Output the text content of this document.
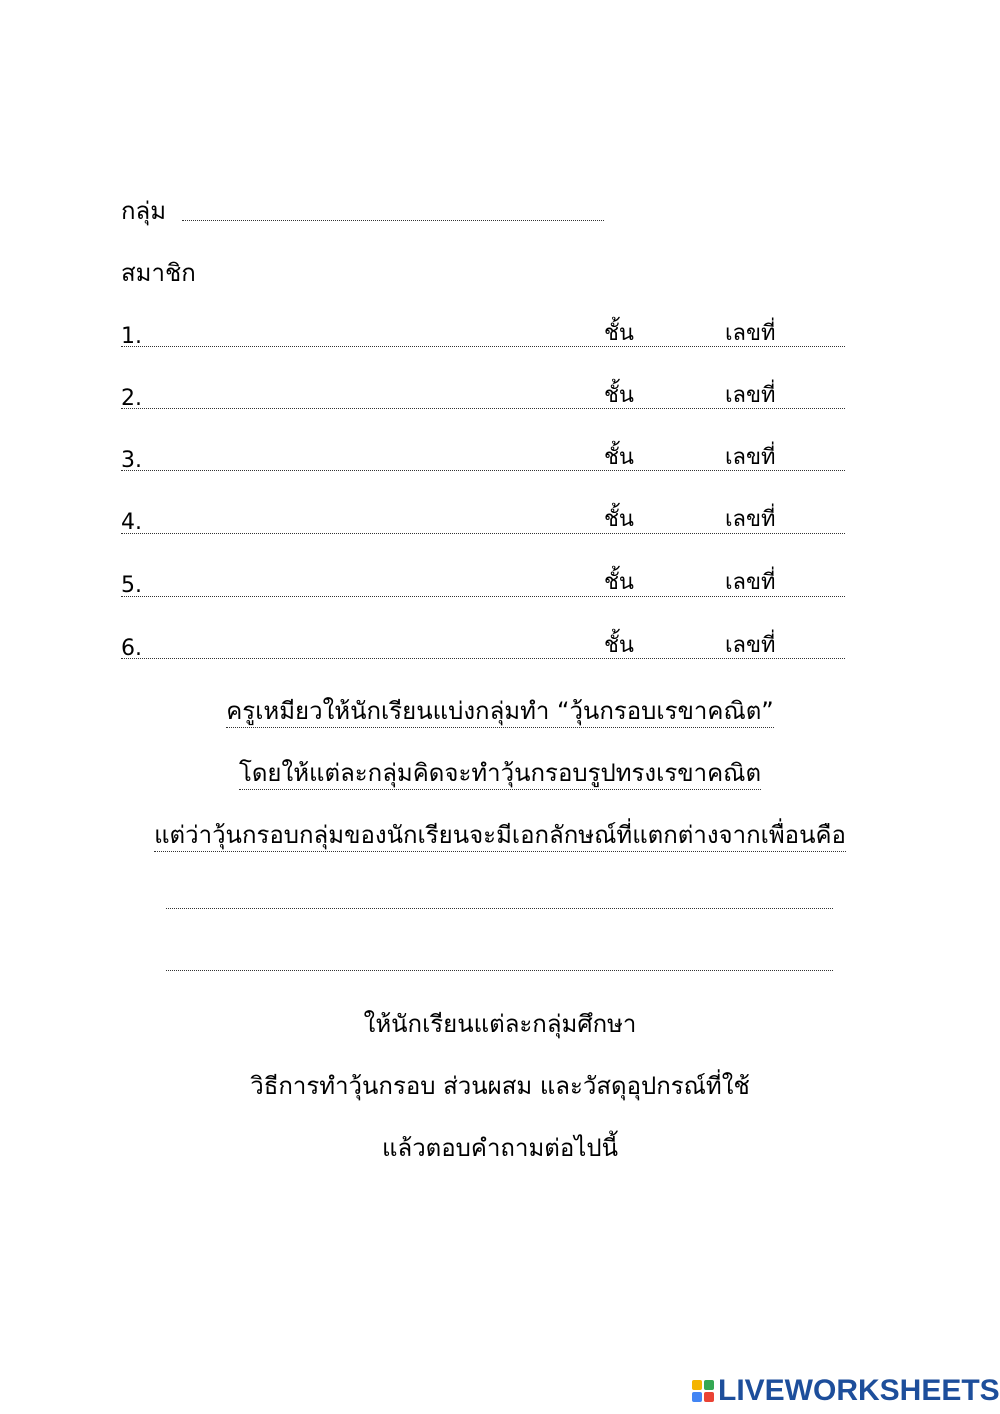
กลุ่ม
สมาชิก
1.	ชั้น	เลขที่
2.	ชั้น	เลขที่
3.	ชั้น	เลขที่
4.	ชั้น	เลขที่
5.	ชั้น	เลขที่
6.	ชั้น	เลขที่
ครูเหมียวให้นักเรียนแบ่งกลุ่มทำ “วุ้นกรอบเรขาคณิต”
โดยให้แต่ละกลุ่มคิดจะทำวุ้นกรอบรูปทรงเรขาคณิต
แต่ว่าวุ้นกรอบกลุ่มของนักเรียนจะมีเอกลักษณ์ที่แตกต่างจากเพื่อนคือ
ให้นักเรียนแต่ละกลุ่มศึกษา
วิธีการทำวุ้นกรอบ ส่วนผสม และวัสดุอุปกรณ์ที่ใช้
แล้วตอบคำถามต่อไปนี้
LIVEWORKSHEETS
